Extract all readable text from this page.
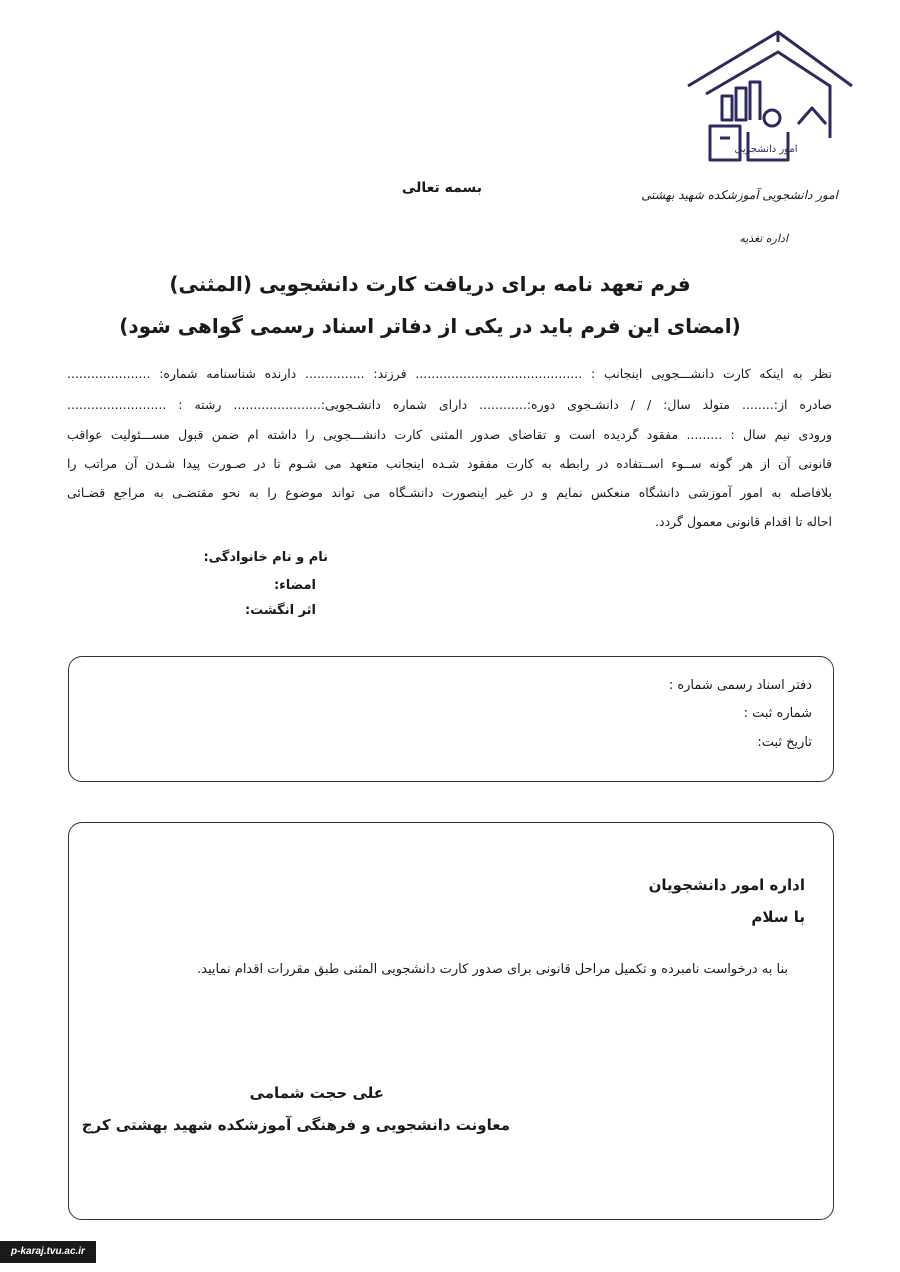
امور دانشجویی
امور دانشجویی آموزشکده شهید بهشتی
اداره تغذیه
بسمه تعالی
فرم تعهد نامه برای دریافت کارت دانشجویی (المثنی)
(امضای این فرم باید در یکی از دفاتر اسناد رسمی گواهی شود)
نظر به اینکه کارت دانشـــجویی اینجانب : .......................................... فرزند: ............... دارنده شناسنامه شماره: .....................
صادره از:........ متولد سال: / / دانشـجوی دوره:............ دارای شماره دانشـجویی:...................... رشته : .........................
ورودی نیم سال : ......... مفقود گردیده است و تقاضای صدور المثنی کارت دانشـــجویی را داشته ام ضمن قبول مســـئولیت عواقب
قانونی آن از هر گونه ســوء اســتفاده در رابطه به کارت مفقود شـده اینجانب متعهد می شـوم تا در صـورت پیدا شـدن آن مراتب را
بلافاصله به امور آموزشی دانشگاه منعکس نمایم و در غیر اینصورت دانشـگاه می تواند موضوع را به نحو مقتضـی به مراجع قضـائی
احاله تا اقدام قانونی معمول گردد.
نام و نام خانوادگی:
امضاء:
اثر انگشت:
دفتر اسناد رسمی شماره :
شماره ثبت :
تاریخ ثبت:
اداره امور دانشجویان
با سلام
بنا به درخواست نامبرده و تکمیل مراحل قانونی برای صدور کارت دانشجویی المثنی طبق مقررات اقدام نمایید.
علی حجت شمامی
معاونت دانشجویی و فرهنگی آموزشکده شهید بهشتی کرج
p-karaj.tvu.ac.ir
